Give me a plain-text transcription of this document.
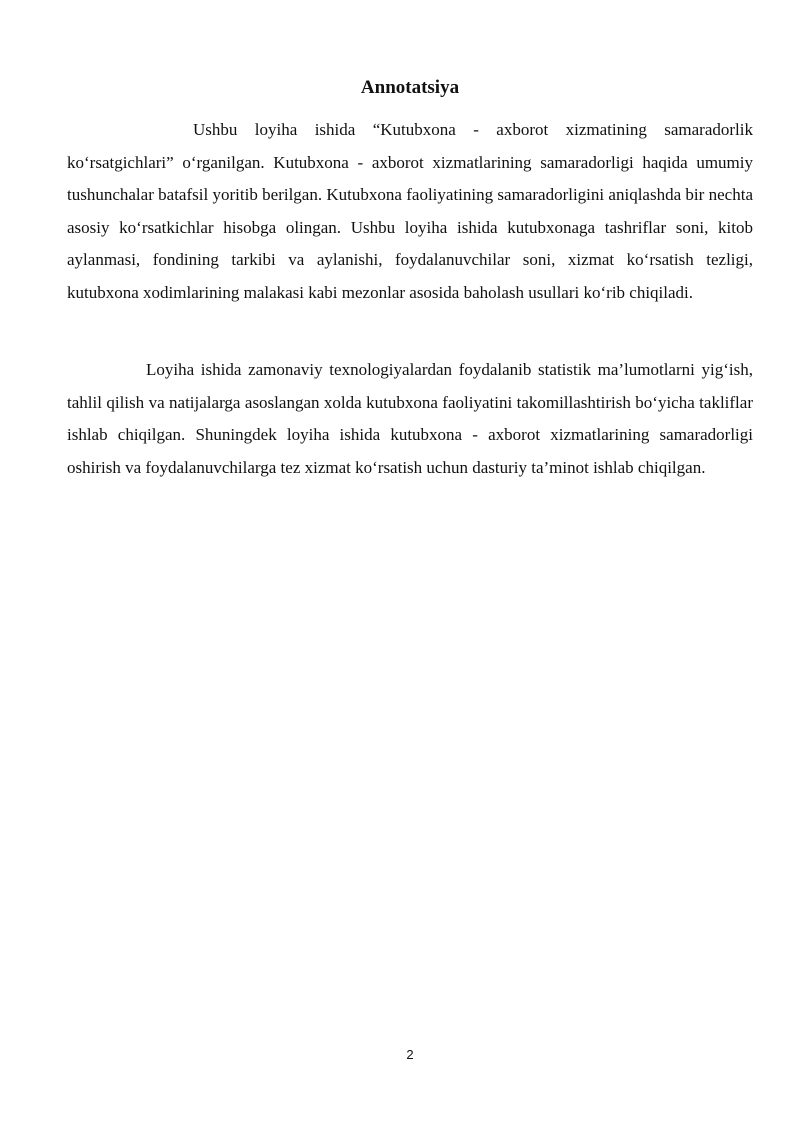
Annotatsiya

Ushbu loyiha ishida “Kutubxona - axborot xizmatining samaradorlik ko‘rsatgichlari” o‘rganilgan. Kutubxona - axborot xizmatlarining samaradorligi haqida umumiy tushunchalar batafsil yoritib berilgan. Kutubxona faoliyatining samaradorligini aniqlashda bir nechta asosiy ko‘rsatkichlar hisobga olingan. Ushbu loyiha ishida kutubxonaga tashriflar soni, kitob aylanmasi, fondining tarkibi va aylanishi, foydalanuvchilar soni, xizmat ko‘rsatish tezligi, kutubxona xodimlarining malakasi kabi mezonlar asosida baholash usullari ko‘rib chiqiladi.

Loyiha ishida zamonaviy texnologiyalardan foydalanib statistik ma’lumotlarni yig‘ish, tahlil qilish va natijalarga asoslangan xolda kutubxona faoliyatini takomillashtirish bo‘yicha takliflar ishlab chiqilgan. Shuningdek loyiha ishida kutubxona - axborot xizmatlarining samaradorligi oshirish va foydalanuvchilarga tez xizmat ko‘rsatish uchun dasturiy ta’minot ishlab chiqilgan.

2
